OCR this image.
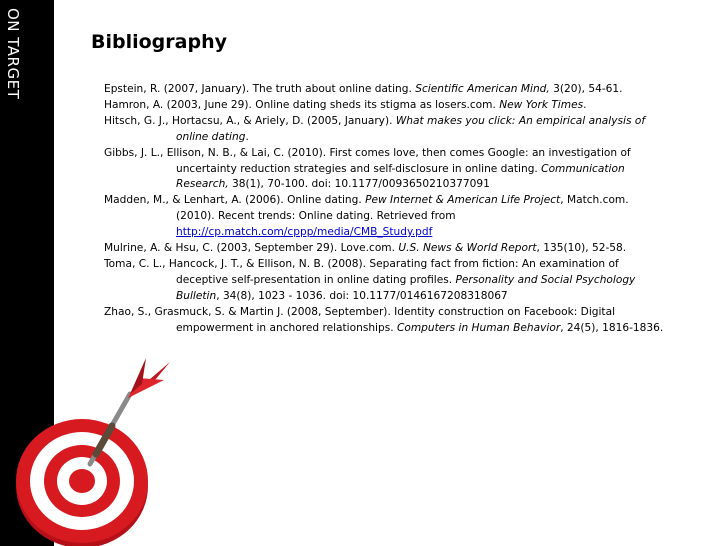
ON TARGET	Bibliography
Epstein, R. (2007, January). The truth about online dating. Scientific American Mind, 3(20), 54-61.
Hamron, A. (2003, June 29). Online dating sheds its stigma as losers.com. New York Times.
Hitsch, G. J., Hortacsu, A., & Ariely, D. (2005, January). What makes you click: An empirical analysis of online dating.
Gibbs, J. L., Ellison, N. B., & Lai, C. (2010). First comes love, then comes Google: an investigation of uncertainty reduction strategies and self-disclosure in online dating. Communication Research, 38(1), 70-100. doi: 10.1177/0093650210377091
Madden, M., & Lenhart, A. (2006). Online dating. Pew Internet & American Life Project, Match.com. (2010). Recent trends: Online dating. Retrieved from http://cp.match.com/cppp/media/CMB_Study.pdf
Mulrine, A. & Hsu, C. (2003, September 29). Love.com. U.S. News & World Report, 135(10), 52-58.
Toma, C. L., Hancock, J. T., & Ellison, N. B. (2008). Separating fact from fiction: An examination of deceptive self-presentation in online dating profiles. Personality and Social Psychology Bulletin, 34(8), 1023 - 1036. doi: 10.1177/0146167208318067
Zhao, S., Grasmuck, S. & Martin J. (2008, September). Identity construction on Facebook: Digital empowerment in anchored relationships. Computers in Human Behavior, 24(5), 1816-1836.
